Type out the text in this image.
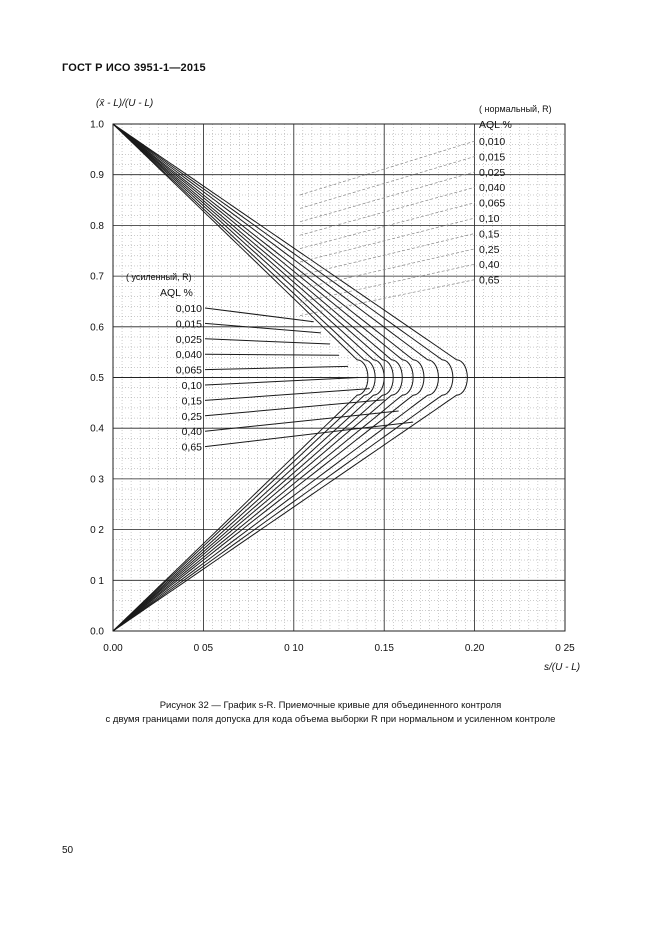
ГОСТ Р ИСО 3951-1—2015
(x̄ - L)/(U - L)
s/(U - L)
0.00	0 05	0 10	0.15	0.20	0 25
0.0
0 1
0 2
0 3
0.4
0.5
0.6
0.7
0.8
0.9
1.0
( нормальный, R)
AQL %
0,010
0,015
0,025
0,040
0,065
0,10
0,15
0,25
0,40
0,65
( усиленный, R)
AQL %
0,010
0,015
0,025
0,040
0,065
0,10
0,15
0,25
0,40
0,65
Рисунок 32 — График s-R. Приемочные кривые для объединенного контроля
с двумя границами поля допуска для кода объема выборки R при нормальном и усиленном контроле
50
